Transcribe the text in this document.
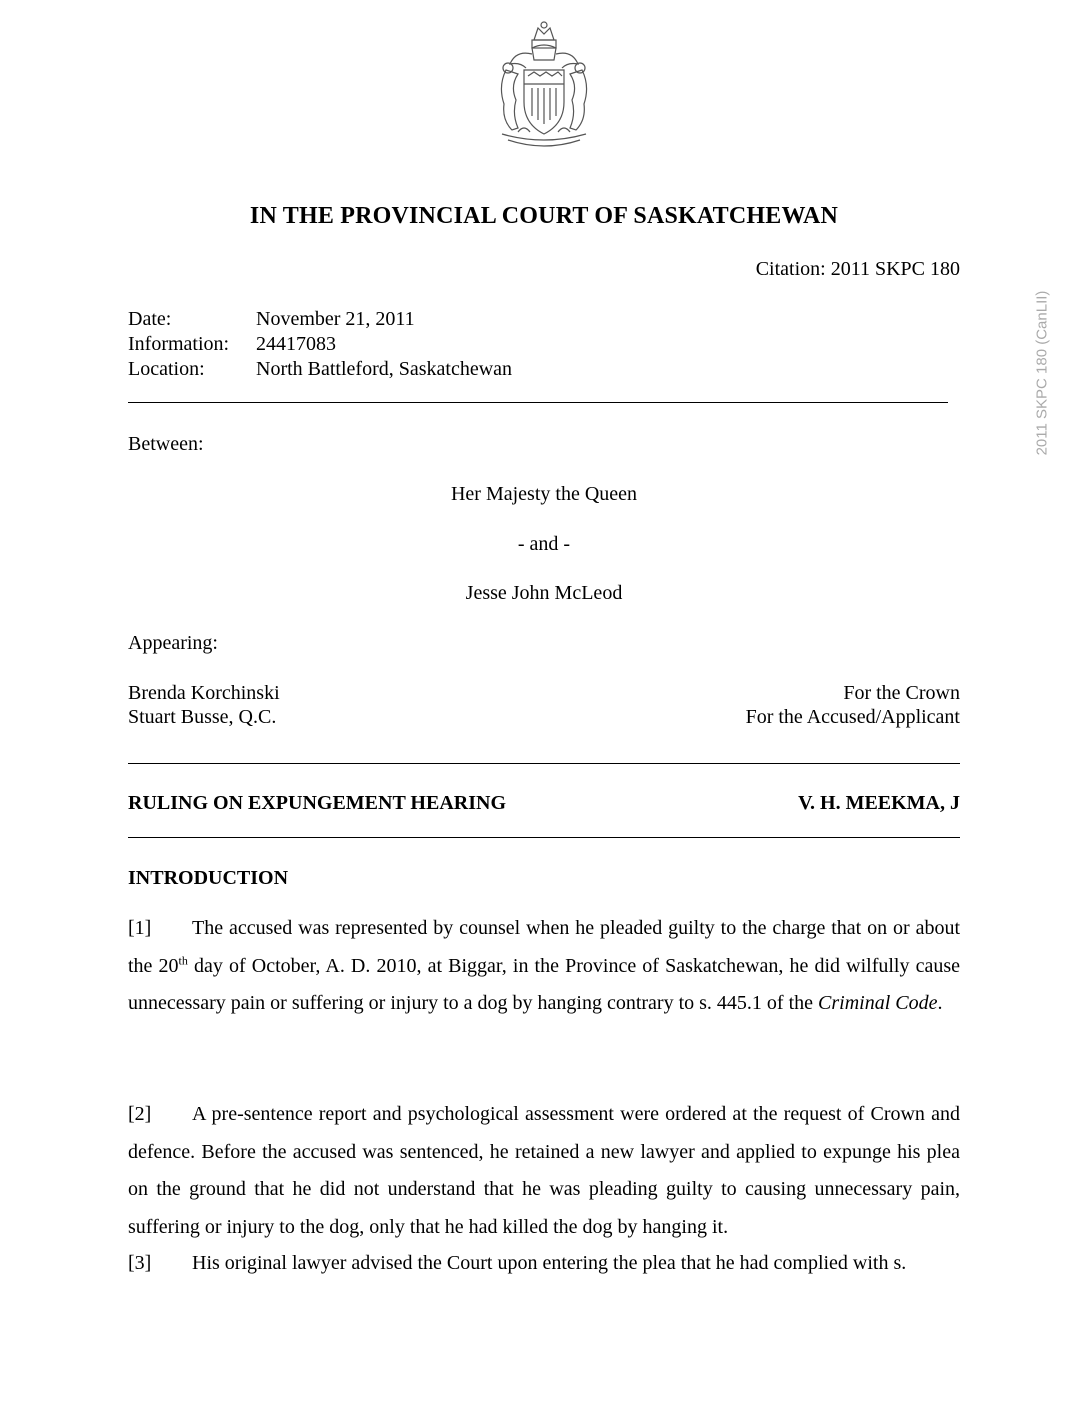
IN THE PROVINCIAL COURT OF SASKATCHEWAN
Citation: 2011 SKPC 180
Date:	November 21, 2011
Information:	24417083
Location:	North Battleford, Saskatchewan
Between:
Her Majesty the Queen
- and -
Jesse John McLeod
Appearing:
Brenda Korchinski	For the Crown
Stuart Busse, Q.C.	For the Accused/Applicant
RULING ON EXPUNGEMENT HEARING	V. H. MEEKMA, J
INTRODUCTION
[1] The accused was represented by counsel when he pleaded guilty to the charge that on or about the 20th day of October, A. D. 2010, at Biggar, in the Province of Saskatchewan, he did wilfully cause unnecessary pain or suffering or injury to a dog by hanging contrary to s. 445.1 of the Criminal Code.
[2] A pre-sentence report and psychological assessment were ordered at the request of Crown and defence. Before the accused was sentenced, he retained a new lawyer and applied to expunge his plea on the ground that he did not understand that he was pleading guilty to causing unnecessary pain, suffering or injury to the dog, only that he had killed the dog by hanging it.
[3] His original lawyer advised the Court upon entering the plea that he had complied with s.
2011 SKPC 180 (CanLII)
